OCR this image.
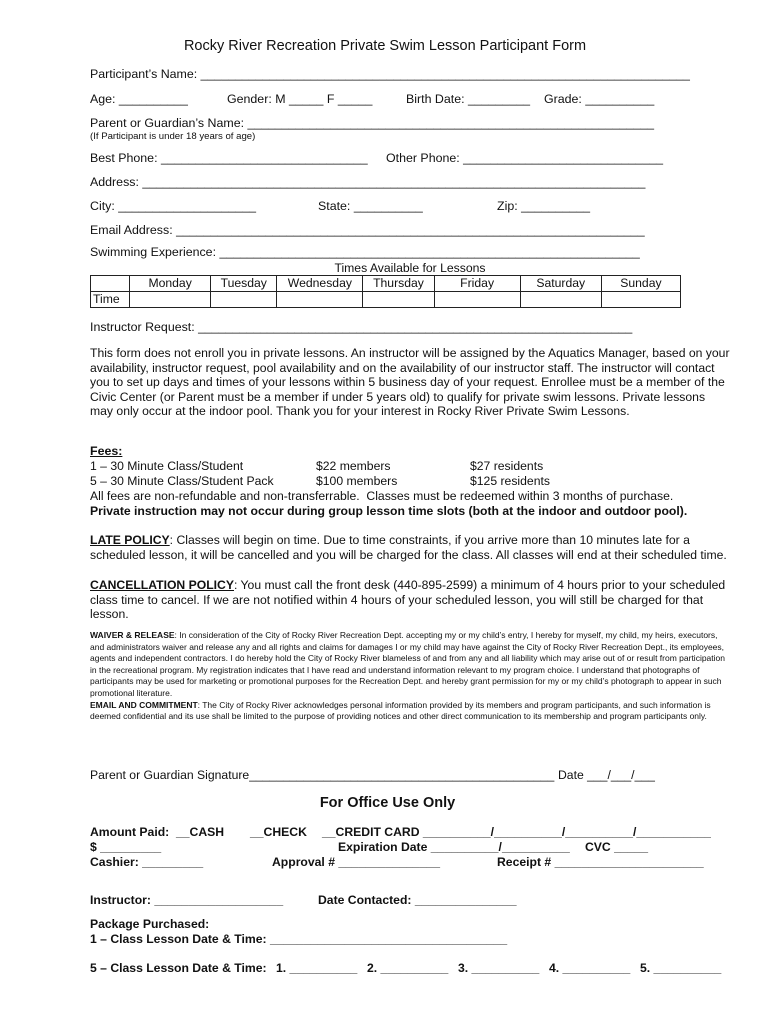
Rocky River Recreation Private Swim Lesson Participant Form
Participant’s Name: _______________________________________________________________________
Age: __________	Gender: M _____ F _____	Birth Date: _________ Grade: __________
Parent or Guardian’s Name: ___________________________________________________________
(If Participant is under 18 years of age)
Best Phone: ______________________________ Other Phone: _____________________________
Address: _________________________________________________________________________
City: ____________________	State: __________	Zip: __________
Email Address: ____________________________________________________________________
Swimming Experience: _____________________________________________________________
Times Available for Lessons
	Monday	Tuesday	Wednesday	Thursday	Friday	Saturday	Sunday
Time							
Instructor Request: _______________________________________________________________
This form does not enroll you in private lessons. An instructor will be assigned by the Aquatics Manager, based on your availability, instructor request, pool availability and on the availability of our instructor staff. The instructor will contact you to set up days and times of your lessons within 5 business day of your request. Enrollee must be a member of the Civic Center (or Parent must be a member if under 5 years old) to qualify for private swim lessons. Private lessons may only occur at the indoor pool. Thank you for your interest in Rocky River Private Swim Lessons.
Fees:
1 – 30 Minute Class/Student	$22 members	$27 residents
5 – 30 Minute Class/Student Pack	$100 members	$125 residents
All fees are non-refundable and non-transferrable.  Classes must be redeemed within 3 months of purchase.
Private instruction may not occur during group lesson time slots (both at the indoor and outdoor pool).
LATE POLICY: Classes will begin on time. Due to time constraints, if you arrive more than 10 minutes late for a scheduled lesson, it will be cancelled and you will be charged for the class. All classes will end at their scheduled time.
CANCELLATION POLICY: You must call the front desk (440-895-2599) a minimum of 4 hours prior to your scheduled class time to cancel. If we are not notified within 4 hours of your scheduled lesson, you will still be charged for that lesson.
WAIVER & RELEASE: In consideration of the City of Rocky River Recreation Dept. accepting my or my child’s entry, I hereby for myself, my child, my heirs, executors, and administrators waiver and release any and all rights and claims for damages I or my child may have against the City of Rocky River Recreation Dept., its employees, agents and independent contractors. I do hereby hold the City of Rocky River blameless of and from any and all liability which may arise out of or result from participation in the recreational program. My registration indicates that I have read and understand information relevant to my program choice. I understand that photographs of participants may be used for marketing or promotional purposes for the Recreation Dept. and hereby grant permission for my or my child’s photograph to appear in such promotional literature.
EMAIL AND COMMITMENT: The City of Rocky River acknowledges personal information provided by its members and program participants, and such information is deemed confidential and its use shall be limited to the purpose of providing notices and other direct communication to its membership and program participants only.
Parent or Guardian Signature_____________________________________________ Date ___/___/___
For Office Use Only
Amount Paid:  __CASH __CHECK __CREDIT CARD __________/__________/__________/___________
$ _________	Expiration Date __________/__________ CVC _____
Cashier: _________	Approval # _______________	Receipt # ______________________
Instructor: ___________________	Date Contacted: _______________
Package Purchased:
1 – Class Lesson Date & Time: ___________________________________
5 – Class Lesson Date & Time: 1. __________ 2. __________ 3. __________ 4. __________ 5. __________
